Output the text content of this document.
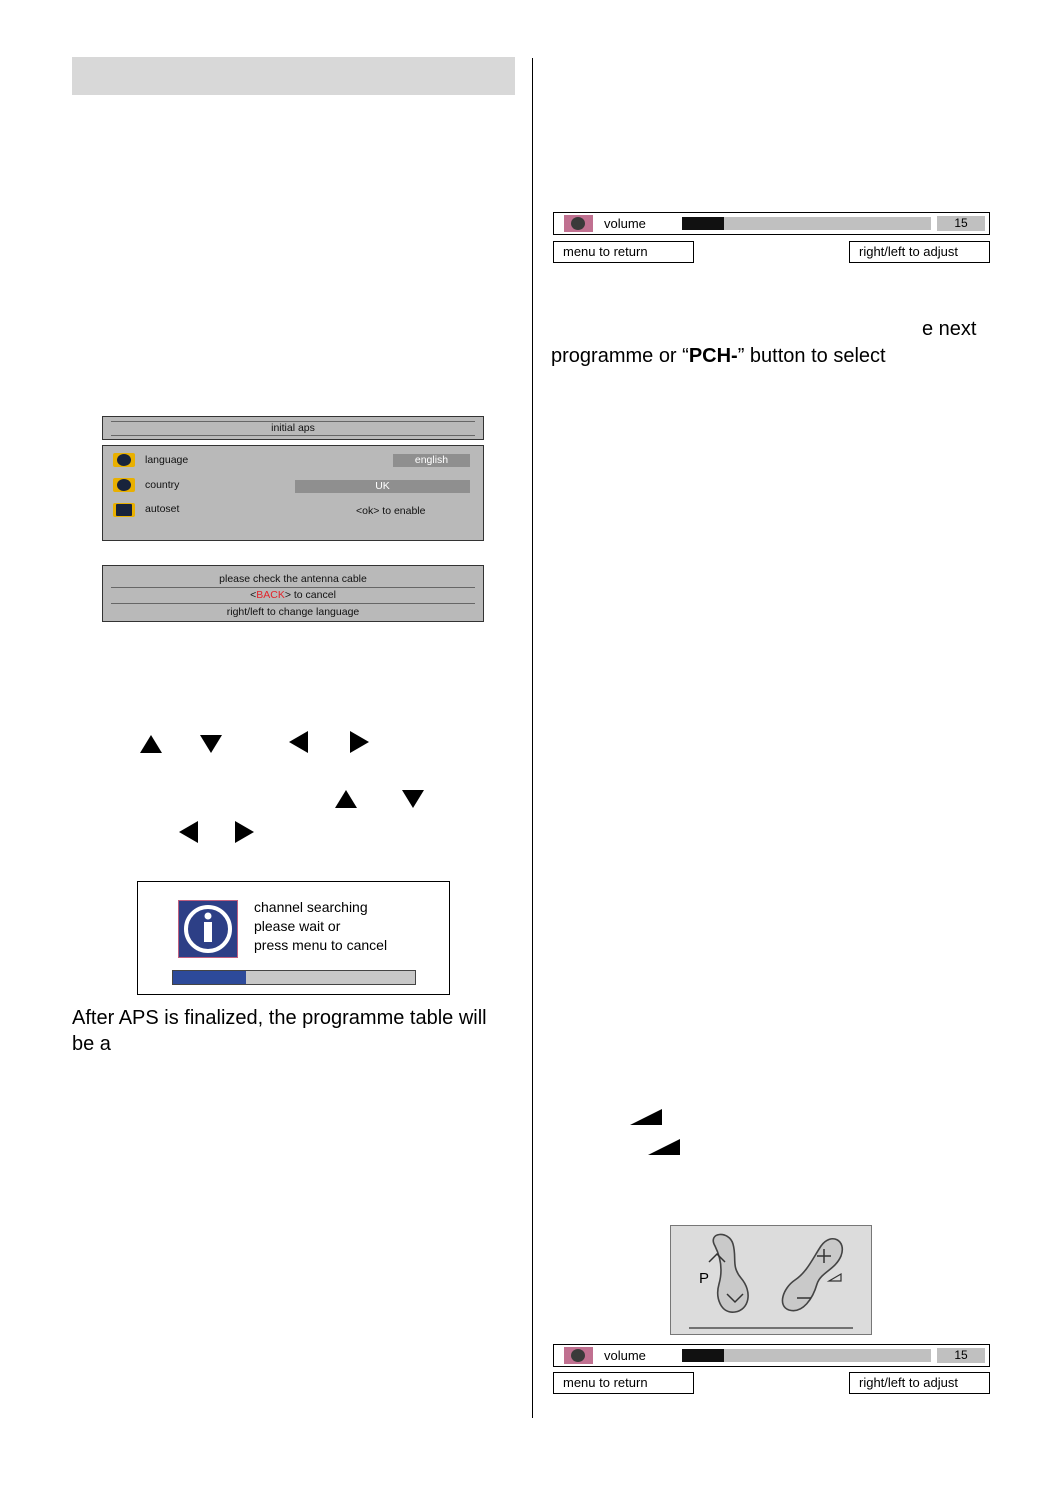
initial aps
language	english
country	UK
autoset	<ok> to enable
please check the antenna cable
<BACK> to cancel
right/left to change language
channel searching
please wait or
press menu to cancel
After APS is finalized, the programme table will
be a
volume	15
menu to return	right/left to adjust
e next
programme or “PCH-” button to select
P
volume	15
menu to return	right/left to adjust
